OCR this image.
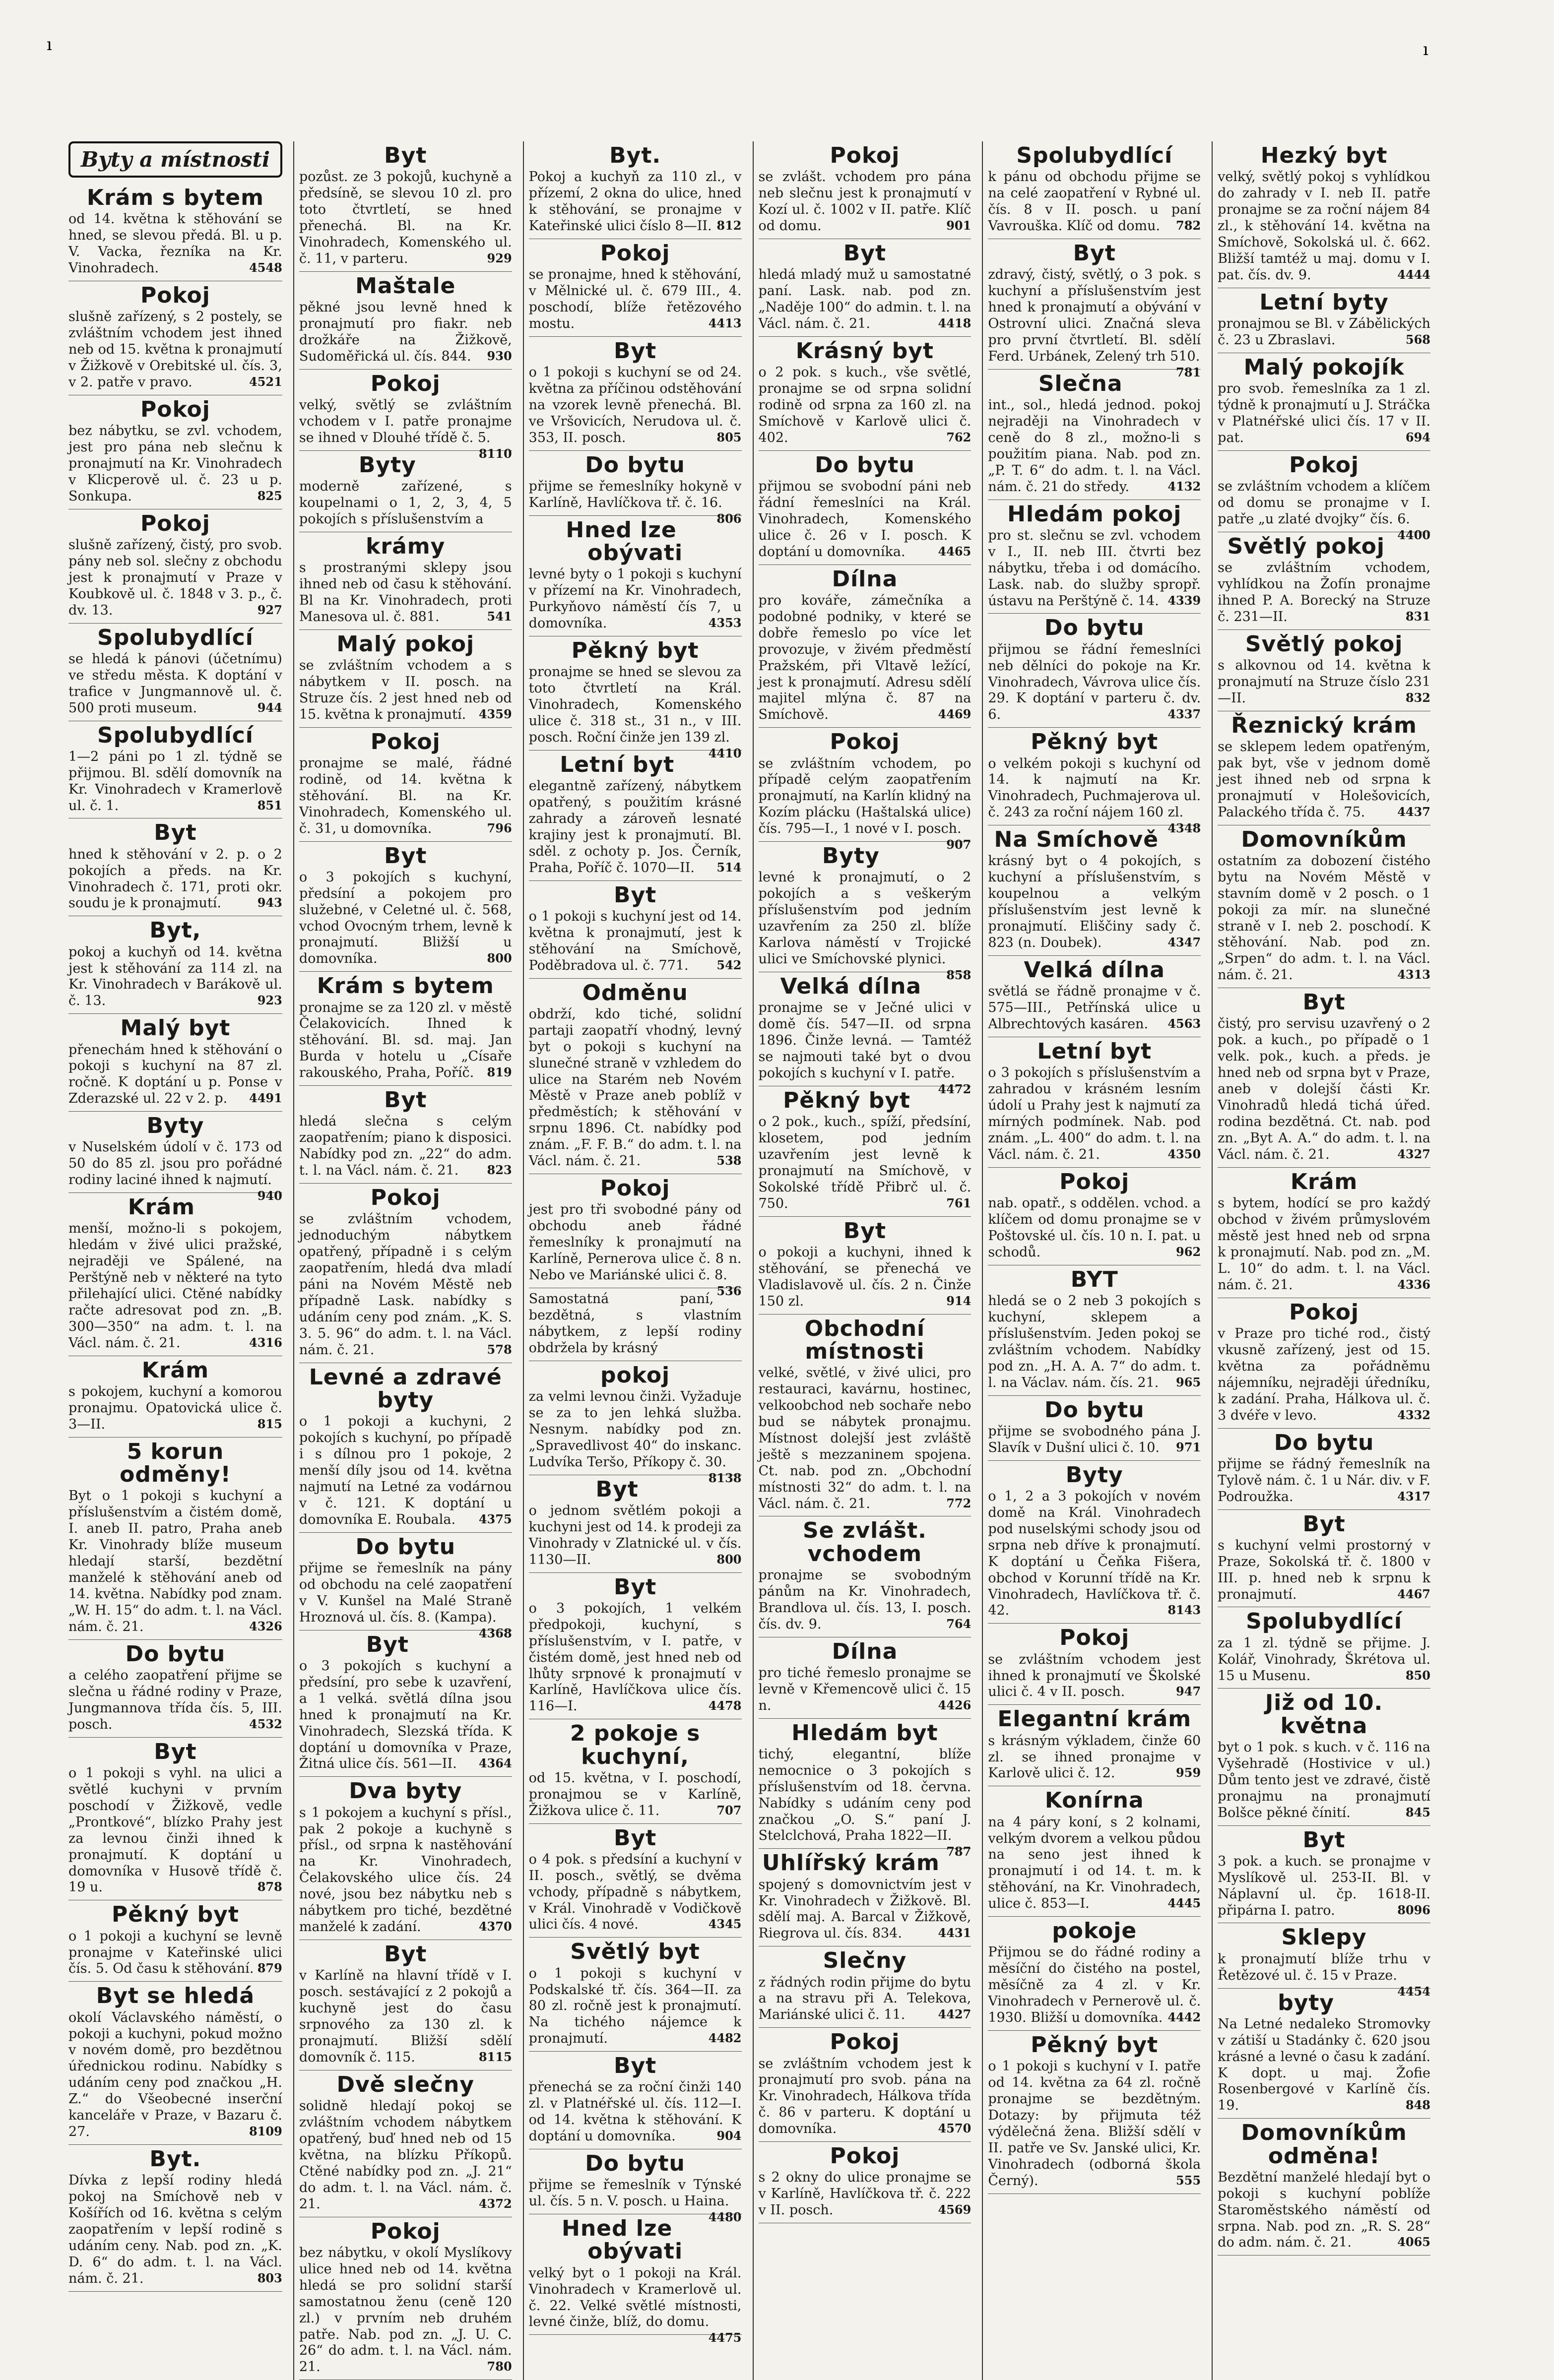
ı	ı
Byty a místnosti
Krám s bytem

od 14. května k stěhování se hned, se slevou předá. Bl. u p. V. Vacka, řezníka na Kr. Vinohradech.	4548

Pokoj

slušně zařízený, s 2 postely, se zvláštním vchodem jest ihned neb od 15. května k pronajmutí v Žižkově v Orebitské ul. čís. 3, v 2. patře v pravo.	4521

Pokoj

bez nábytku, se zvl. vchodem, jest pro pána neb slečnu k pronajmutí na Kr. Vinohradech v Klicperově ul. č. 23 u p. Sonkupa.	825

Pokoj

slušně zařízený, čistý, pro svob. pány neb sol. slečny z obchodu jest k pronajmutí v Praze v Koubkově ul. č. 1848 v 3. p., č. dv. 13.	927

Spolubydlící

se hledá k pánovi (účetnímu) ve středu města. K doptání v trafice v Jungmannově ul. č. 500 proti museum.	944

Spolubydlící

1—2 páni po 1 zl. týdně se přijmou. Bl. sdělí domovník na Kr. Vinohradech v Kramerlově ul. č. 1.	851

Byt

hned k stěhování v 2. p. o 2 pokojích a předs. na Kr. Vinohradech č. 171, proti okr. soudu je k pronajmutí.	943

Byt,

pokoj a kuchyň od 14. května jest k stěhování za 114 zl. na Kr. Vinohradech v Barákově ul. č. 13.	923

Malý byt

přenechám hned k stěhování o pokoji s kuchyní na 87 zl. ročně. K doptání u p. Ponse v Zderazské ul. 22 v 2. p. 4491

Byty

v Nuselském údolí v č. 173 od 50 do 85 zl. jsou pro pořádné rodiny laciné ihned k najmutí.
940

Krám

menší, možno-li s pokojem, hledám v živé ulici pražské, nejraději ve Spálené, na Perštýně neb v některé na tyto přilehající ulici. Ctěné nabídky račte adresovat pod zn. „B. 300—350“ na adm. t. l. na Václ. nám. č. 21.	4316

Krám

s pokojem, kuchyní a komorou pronajmu. Opatovická ulice č. 3—II.	815

5 korun odměny!

Byt o 1 pokoji s kuchyní a příslušenstvím a čistém domě, I. aneb II. patro, Praha aneb Kr. Vinohrady blíže museum hledají starší, bezdětní manželé k stěhování aneb od 14. května. Nabídky pod znam. „W. H. 15“ do adm. t. l. na Václ. nám. č. 21.	4326

Do bytu

a celého zaopatření přijme se slečna u řádné rodiny v Praze, Jungmannova třída čís. 5, III. posch.	4532

Byt

o 1 pokoji s vyhl. na ulici a světlé kuchyni v prvním poschodí v Žižkově, vedle „Prontkové“, blízko Prahy jest za levnou činži ihned k pronajmutí. K doptání u domovníka v Husově třídě č. 19 u.	878

Pěkný byt

o 1 pokoji a kuchyní se levně pronajme v Kateřinské ulici čís. 5. Od času k stěhování. 879

Byt se hledá

okolí Václavského náměstí, o pokoji a kuchyni, pokud možno v novém domě, pro bezdětnou úřednickou rodinu. Nabídky s udáním ceny pod značkou „H. Z.“ do Všeobecné inserční kanceláře v Praze, v Bazaru č. 27.	8109

Byt.

Dívka z lepší rodiny hledá pokoj na Smíchově neb v Košířích od 16. května s celým zaopatřením v lepší rodině s udáním ceny. Nab. pod zn. „K. D. 6“ do adm. t. l. na Václ. nám. č. 21.	803

Byt

pozůst. ze 3 pokojů, kuchyně a předsíně, se slevou 10 zl. pro toto čtvrtletí, se hned přenechá. Bl. na Kr. Vinohradech, Komenského ul. č. 11, v parteru.	929

Maštale

pěkné jsou levně hned k pronajmutí pro fiakr. neb drožkáře na Žižkově, Sudoměřická ul. čís. 844. 930

Pokoj

velký, světlý se zvláštním vchodem v I. patře pronajme se ihned v Dlouhé třídě č. 5.
8110

Byty

moderně zařízené, s koupelnami o 1, 2, 3, 4, 5 pokojích s příslušenstvím a

krámy

s prostranými sklepy jsou ihned neb od času k stěhování. Bl na Kr. Vinohradech, proti Manesova ul. č. 881.	541

Malý pokoj

se zvláštním vchodem a s nábytkem v II. posch. na Struze čís. 2 jest hned neb od 15. května k pronajmutí. 4359

Pokoj

pronajme se malé, řádné rodině, od 14. května k stěhování. Bl. na Kr. Vinohradech, Komenského ul. č. 31, u domovníka.	796

Byt

o 3 pokojích s kuchyní, předsíní a pokojem pro služebné, v Celetné ul. č. 568, vchod Ovocným trhem, levně k pronajmutí. Bližší u domovníka.	800

Krám s bytem

pronajme se za 120 zl. v městě Čelakovicích. Ihned k stěhování. Bl. sd. maj. Jan Burda v hotelu u „Císaře rakouského, Praha, Poříč. 819

Byt

hledá slečna s celým zaopatřením; piano k disposici. Nabídky pod zn. „22“ do adm. t. l. na Václ. nám. č. 21. 823

Pokoj

se zvláštním vchodem, jednoduchým nábytkem opatřený, případně i s celým zaopatřením, hledá dva mladí páni na Novém Městě neb případně Lask. nabídky s udáním ceny pod znám. „K. S. 3. 5. 96“ do adm. t. l. na Václ. nám. č. 21.	578

Levné a zdravé byty

o 1 pokoji a kuchyni, 2 pokojích s kuchyní, po případě i s dílnou pro 1 pokoje, 2 menší díly jsou od 14. května najmutí na Letné za vodárnou v č. 121. K doptání u domovníka E. Roubala. 4375

Do bytu

přijme se řemeslník na pány od obchodu na celé zaopatření v V. Kunšel na Malé Straně Hroznová ul. čís. 8. (Kampa).
4368

Byt

o 3 pokojích s kuchyní a předsíní, pro sebe k uzavření, a 1 velká. světlá dílna jsou hned k pronajmutí na Kr. Vinohradech, Slezská třída. K doptání u domovníka v Praze, Žitná ulice čís. 561—II. 4364

Dva byty

s 1 pokojem a kuchyní s přísl., pak 2 pokoje a kuchyně s přísl., od srpna k nastěhování na Kr. Vinohradech, Čelakovského ulice čís. 24 nové, jsou bez nábytku neb s nábytkem pro tiché, bezdětné manželé k zadání.	4370

Byt

v Karlíně na hlavní třídě v I. posch. sestávající z 2 pokojů a kuchyně jest do času srpnového za 130 zl. k pronajmutí. Bližší sdělí domovník č. 115.	8115

Dvě slečny

solidně hledají pokoj se zvláštním vchodem nábytkem opatřený, buď hned neb od 15 května, na blízku Příkopů. Ctěné nabídky pod zn. „J. 21“ do adm. t. l. na Václ. nám. č. 21.	4372

Pokoj

bez nábytku, v okolí Myslíkovy ulice hned neb od 14. května hledá se pro solidní starší samostatnou ženu (ceně 120 zl.) v prvním neb druhém patře. Nab. pod zn. „J. U. C. 26“ do adm. t. l. na Václ. nám. 21.	780

Byt.

Pokoj a kuchyň za 110 zl., v přízemí, 2 okna do ulice, hned k stěhování, se pronajme v Kateřinské ulici číslo 8—II. 812

Pokoj

se pronajme, hned k stěhování, v Mělnické ul. č. 679 III., 4. poschodí, blíže řetězového mostu.	4413

Byt

o 1 pokoji s kuchyní se od 24. května za příčinou odstěhování na vzorek levně přenechá. Bl. ve Vršovicích, Nerudova ul. č. 353, II. posch.	805

Do bytu

přijme se řemeslníky hokyně v Karlíně, Havlíčkova tř. č. 16.
806

Hned lze obývati

levné byty o 1 pokoji s kuchyní v přízemí na Kr. Vinohradech, Purkyňovo náměstí čís 7, u domovníka.	4353

Pěkný byt

pronajme se hned se slevou za toto čtvrtletí na Král. Vinohradech, Komenského ulice č. 318 st., 31 n., v III. posch. Roční činže jen 139 zl.
4410

Letní byt

elegantně zařízený, nábytkem opatřený, s použitím krásné zahrady a zároveň lesnaté krajiny jest k pronajmutí. Bl. sděl. z ochoty p. Jos. Černík, Praha, Poříč č. 1070—II. 514

Byt

o 1 pokoji s kuchyní jest od 14. května k pronajmutí, jest k stěhování na Smíchově, Poděbradova ul. č. 771. 542

Odměnu

obdrží, kdo tiché, solidní partaji zaopatří vhodný, levný byt o pokoji s kuchyní na slunečné straně v vzhledem do ulice na Starém neb Novém Městě v Praze aneb poblíž v předměstích; k stěhování v srpnu 1896. Ct. nabídky pod znám. „F. F. B.“ do adm. t. l. na Václ. nám. č. 21.	538

Pokoj

jest pro tři svobodné pány od obchodu aneb řádné řemeslníky k pronajmutí na Karlíně, Pernerova ulice č. 8 n. Nebo ve Mariánské ulici č. 8.
536

Samostatná paní, bezdětná, s vlastním nábytkem, z lepší rodiny obdržela by krásný

pokoj

za velmi levnou činži. Vyžaduje se za to jen lehká služba. Nesnym. nabídky pod zn. „Spravedlivost 40“ do inskanc. Ludvíka Teršo, Příkopy č. 30.
8138

Byt

o jednom světlém pokoji a kuchyni jest od 14. k prodeji za Vinohrady v Zlatnické ul. v čís. 1130—II.	800

Byt

o 3 pokojích, 1 velkém předpokoji, kuchyní, s příslušenstvím, v I. patře, v čistém domě, jest hned neb od lhůty srpnové k pronajmutí v Karlíně, Havlíčkova ulice čís. 116—I.	4478

2 pokoje s kuchyní,

od 15. května, v I. poschodí, pronajmou se v Karlíně, Žižkova ulice č. 11.	707

Byt

o 4 pok. s předsíní a kuchyní v II. posch., světlý, se dvěma vchody, případně s nábytkem, v Král. Vinohradě v Vodičkově ulici čís. 4 nové.	4345

Světlý byt

o 1 pokoji s kuchyní v Podskalské tř. čís. 364—II. za 80 zl. ročně jest k pronajmutí. Na tichého nájemce k pronajmutí.	4482

Byt

přenechá se za roční činži 140 zl. v Platnéřské ul. čís. 112—I. od 14. května k stěhování. K doptání u domovníka.	904

Do bytu

přijme se řemeslník v Týnské ul. čís. 5 n. V. posch. u Haina.
4480

Hned lze obývati

velký byt o 1 pokoji na Král. Vinohradech v Kramerlově ul. č. 22. Velké světlé místnosti, levné činže, blíž, do domu.
4475

Pokoj

se zvlášt. vchodem pro pána neb slečnu jest k pronajmutí v Kozí ul. č. 1002 v II. patře. Klíč od domu.	901

Byt

hledá mladý muž u samostatné paní. Lask. nab. pod zn. „Naděje 100“ do admin. t. l. na Václ. nám. č. 21.	4418

Krásný byt

o 2 pok. s kuch., vše světlé, pronajme se od srpna solidní rodině od srpna za 160 zl. na Smíchově v Karlově ulici č. 402.	762

Do bytu

přijmou se svobodní páni neb řádní řemeslníci na Král. Vinohradech, Komenského ulice č. 26 v I. posch. K doptání u domovníka.	4465

Dílna

pro kováře, zámečníka a podobné podniky, v které se dobře řemeslo po více let provozuje, v živém předměstí Pražském, při Vltavě ležící, jest k pronajmutí. Adresu sdělí majitel mlýna č. 87 na Smíchově.	4469

Pokoj

se zvláštním vchodem, po případě celým zaopatřením pronajmutí, na Karlín klidný na Kozím plácku (Haštalská ulice) čís. 795—I., 1 nové v I. posch.
907

Byty

levné k pronajmutí, o 2 pokojích a s veškerým příslušenstvím pod jedním uzavřením za 250 zl. blíže Karlova náměstí v Trojické ulici ve Smíchovské plynici.
858

Velká dílna

pronajme se v Ječné ulici v domě čís. 547—II. od srpna 1896. Činže levná. — Tamtéž se najmouti také byt o dvou pokojích s kuchyní v I. patře.
4472

Pěkný byt

o 2 pok., kuch., spíží, předsíní, klosetem, pod jedním uzavřením jest levně k pronajmutí na Smíchově, v Sokolské třídě Přibrč ul. č. 750.	761

Byt

o pokoji a kuchyni, ihned k stěhování, se přenechá ve Vladislavově ul. čís. 2 n. Činže 150 zl.	914

Obchodní místnosti

velké, světlé, v živé ulici, pro restauraci, kavárnu, hostinec, velkoobchod neb sochaře nebo bud se nábytek pronajmu. Místnost dolejší jest zvláště ještě s mezzaninem spojena. Ct. nab. pod zn. „Obchodní místnosti 32“ do adm. t. l. na Václ. nám. č. 21.	772

Se zvlášt. vchodem

pronajme se svobodným pánům na Kr. Vinohradech, Brandlova ul. čís. 13, I. posch. čís. dv. 9.	764

Dílna

pro tiché řemeslo pronajme se levně v Křemencově ulici č. 15 n.	4426

Hledám byt

tichý, elegantní, blíže nemocnice o 3 pokojích s příslušenstvím od 18. června. Nabídky s udáním ceny pod značkou „O. S.“ paní J. Stelclchová, Praha 1822—II.
787

Uhlířský krám

spojený s domovnictvím jest v Kr. Vinohradech v Žižkově. Bl. sdělí maj. A. Barcal v Žižkově, Riegrova ul. čís. 834.	4431

Slečny

z řádných rodin přijme do bytu a na stravu při A. Telekova, Mariánské ulici č. 11.	4427

Pokoj

se zvláštním vchodem jest k pronajmutí pro svob. pána na Kr. Vinohradech, Hálkova třída č. 86 v parteru. K doptání u domovníka.	4570

Pokoj

s 2 okny do ulice pronajme se v Karlíně, Havlíčkova tř. č. 222 v II. posch.	4569

Spolubydlící

k pánu od obchodu přijme se na celé zaopatření v Rybné ul. čís. 8 v II. posch. u paní Vavrouška. Klíč od domu. 782

Byt

zdravý, čistý, světlý, o 3 pok. s kuchyní a příslušenstvím jest hned k pronajmutí a obývání v Ostrovní ulici. Značná sleva pro první čtvrtletí. Bl. sdělí Ferd. Urbánek, Zelený trh 510.
781

Slečna

int., sol., hledá jednod. pokoj nejraději na Vinohradech v ceně do 8 zl., možno-li s použitím piana. Nab. pod zn. „P. T. 6“ do adm. t. l. na Václ. nám. č. 21 do středy.	4132

Hledám pokoj

pro st. slečnu se zvl. vchodem v I., II. neb III. čtvrti bez nábytku, třeba i od domácího. Lask. nab. do služby spropř. ústavu na Perštýně č. 14. 4339

Do bytu

přijmou se řádní řemeslníci neb dělníci do pokoje na Kr. Vinohradech, Vávrova ulice čís. 29. K doptání v parteru č. dv. 6.	4337

Pěkný byt

o velkém pokoji s kuchyní od 14. k najmutí na Kr. Vinohradech, Puchmajerova ul. č. 243 za roční nájem 160 zl.
4348

Na Smíchově

krásný byt o 4 pokojích, s kuchyní a příslušenstvím, s koupelnou a velkým příslušenstvím jest levně k pronajmutí. Eliščiny sady č. 823 (n. Doubek).	4347

Velká dílna

světlá se řádně pronajme v č. 575—III., Petřínská ulice u Albrechtových kasáren. 4563

Letní byt

o 3 pokojích s příslušenstvím a zahradou v krásném lesním údolí u Prahy jest k najmutí za mírných podmínek. Nab. pod znám. „L. 400“ do adm. t. l. na Václ. nám. č. 21.	4350

Pokoj

nab. opatř., s oddělen. vchod. a klíčem od domu pronajme se v Poštovské ul. čís. 10 n. I. pat. u schodů.	962

BYT

hledá se o 2 neb 3 pokojích s kuchyní, sklepem a příslušenstvím. Jeden pokoj se zvláštním vchodem. Nabídky pod zn. „H. A. A. 7“ do adm. t. l. na Václav. nám. čís. 21. 965

Do bytu

přijme se svobodného pána J. Slavík v Dušní ulici č. 10. 971

Byty

o 1, 2 a 3 pokojích v novém domě na Král. Vinohradech pod nuselskými schody jsou od srpna neb dříve k pronajmutí. K doptání u Čeňka Fišera, obchod v Korunní třídě na Kr. Vinohradech, Havlíčkova tř. č. 42.	8143

Pokoj

se zvláštním vchodem jest ihned k pronajmutí ve Školské ulici č. 4 v II. posch.	947

Elegantní krám

s krásným výkladem, činže 60 zl. se ihned pronajme v Karlově ulici č. 12.	959

Konírna

na 4 páry koní, s 2 kolnami, velkým dvorem a velkou půdou na seno jest ihned k pronajmutí i od 14. t. m. k stěhování, na Kr. Vinohradech, ulice č. 853—I.	4445

pokoje

Přijmou se do řádné rodiny a měsíční do čistého na postel, měsíčně za 4 zl. v Kr. Vinohradech v Pernerově ul. č. 1930. Bližší u domovníka. 4442

Pěkný byt

o 1 pokoji s kuchyní v I. patře od 14. května za 64 zl. ročně pronajme se bezdětným. Dotazy: by přijmuta též výdělečná žena. Bližší sdělí v II. patře ve Sv. Janské ulici, Kr. Vinohradech (odborná škola Černý).	555

Hezký byt

velký, světlý pokoj s vyhlídkou do zahrady v I. neb II. patře pronajme se za roční nájem 84 zl., k stěhování 14. května na Smíchově, Sokolská ul. č. 662. Bližší tamtéž u maj. domu v I. pat. čís. dv. 9.	4444

Letní byty

pronajmou se Bl. v Zábělických č. 23 u Zbraslavi.	568

Malý pokojík

pro svob. řemeslníka za 1 zl. týdně k pronajmutí u J. Stráčka v Platnéřské ulici čís. 17 v II. pat.	694

Pokoj

se zvláštním vchodem a klíčem od domu se pronajme v I. patře „u zlaté dvojky“ čís. 6.
4400

Světlý pokoj

se zvláštním vchodem, vyhlídkou na Žofín pronajme ihned P. A. Borecký na Struze č. 231—II.	831

Světlý pokoj

s alkovnou od 14. května k pronajmutí na Struze číslo 231—II.	832

Řeznický krám

se sklepem ledem opatřeným, pak byt, vše v jednom domě jest ihned neb od srpna k pronajmutí v Holešovicích, Palackého třída č. 75.	4437

Domovníkům

ostatním za dobození čistého bytu na Novém Městě v stavním domě v 2 posch. o 1 pokoji za mír. na slunečné straně v I. neb 2. poschodí. K stěhování. Nab. pod zn. „Srpen“ do adm. t. l. na Václ. nám. č. 21.	4313

Byt

čistý, pro servisu uzavřený o 2 pok. a kuch., po případě o 1 velk. pok., kuch. a předs. je hned neb od srpna byt v Praze, aneb v dolejší části Kr. Vinohradů hledá tichá úřed. rodina bezdětná. Ct. nab. pod zn. „Byt A. A.“ do adm. t. l. na Václ. nám. č. 21.	4327

Krám

s bytem, hodící se pro každý obchod v živém průmyslovém městě jest hned neb od srpna k pronajmutí. Nab. pod zn. „M. L. 10“ do adm. t. l. na Václ. nám. č. 21.	4336

Pokoj

v Praze pro tiché rod., čistý vkusně zařízený, jest od 15. května za pořádněmu nájemníku, nejraději úředníku, k zadání. Praha, Hálkova ul. č. 3 dvéře v levo.	4332

Do bytu

přijme se řádný řemeslník na Tylově nám. č. 1 u Nár. div. v F. Podroužka.	4317

Byt

s kuchyní velmi prostorný v Praze, Sokolská tř. č. 1800 v III. p. hned neb k srpnu k pronajmutí.	4467

Spolubydlící

za 1 zl. týdně se přijme. J. Kolář, Vinohrady, Škrétova ul. 15 u Musenu.	850

Již od 10. května

byt o 1 pok. s kuch. v č. 116 na Vyšehradě (Hostivice v ul.) Dům tento jest ve zdravé, čistě pronajmu na pronajmutí Bolšce pěkné čínití.	845

Byt

3 pok. a kuch. se pronajme v Myslíkově ul. 253-II. Bl. v Náplavní ul. čp. 1618-II. připárna I. patro.	8096

Sklepy

k pronajmutí blíže trhu v Řetězové ul. č. 15 v Praze.
4454

byty

Na Letné nedaleko Stromovky v zátiší u Stadánky č. 620 jsou krásné a levné o času k zadání. K dopt. u maj. Žofie Rosenbergové v Karlíně čís. 19.	848

Domovníkům odměna!

Bezdětní manželé hledají byt o pokoji s kuchyní poblíže Staroměstského náměstí od srpna. Nab. pod zn. „R. S. 28“ do adm. nám. č. 21.	4065
